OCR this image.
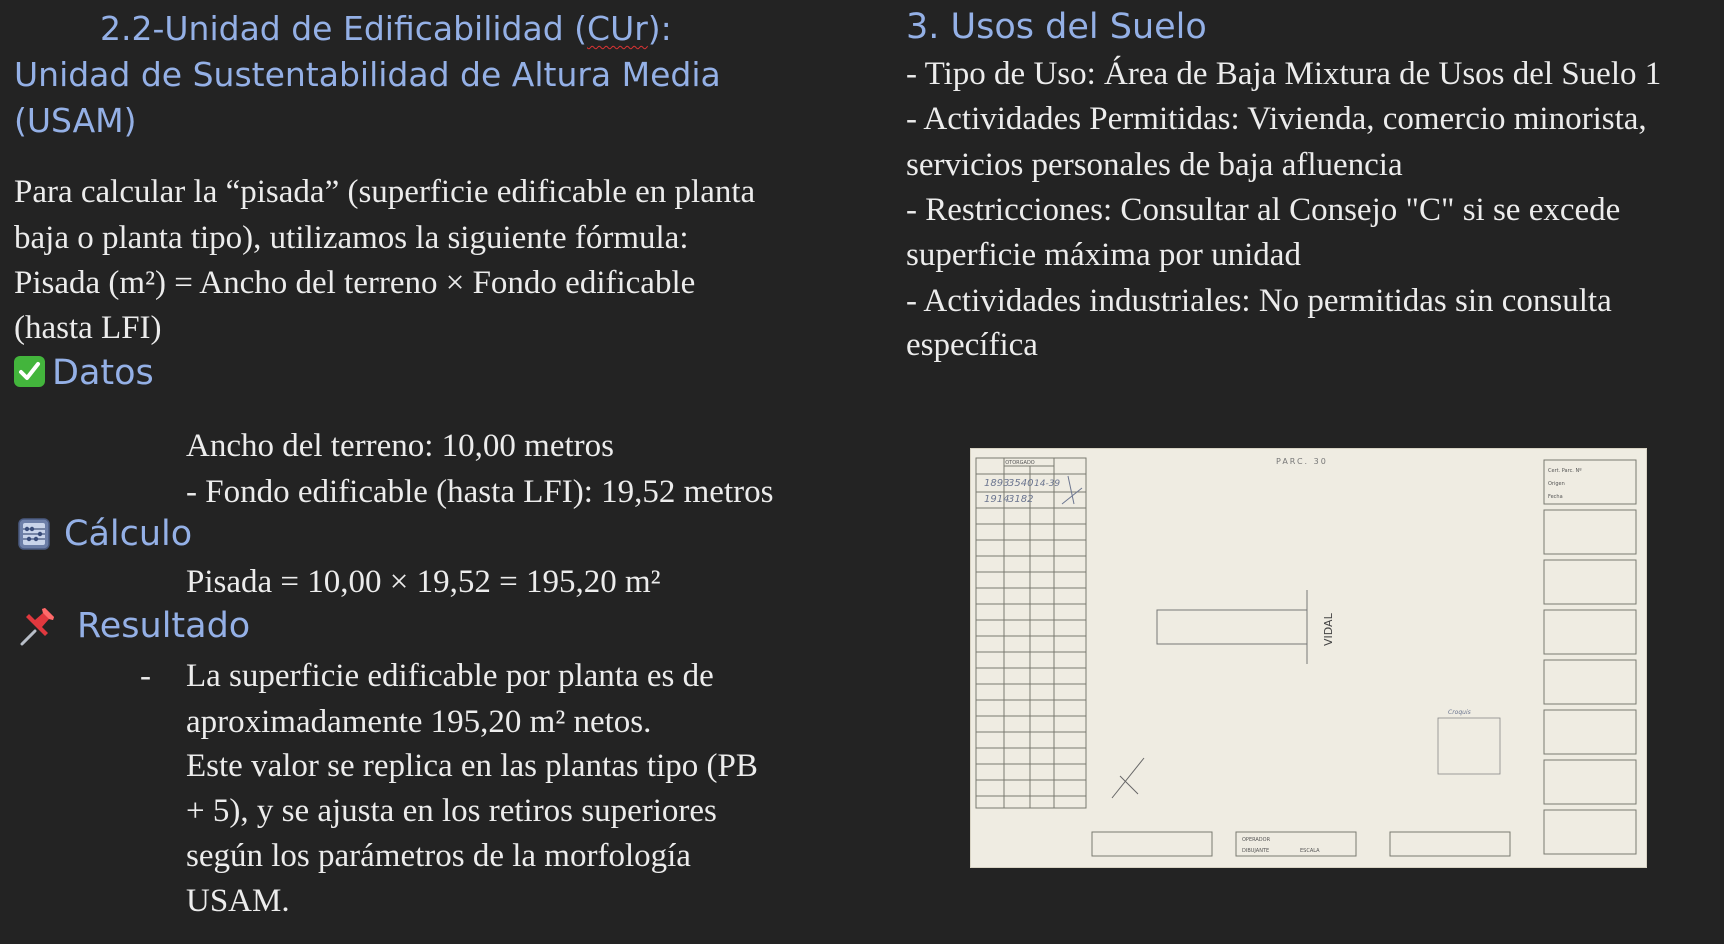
2.2-Unidad de Edificabilidad (CUr):
Unidad de Sustentabilidad de Altura Media
(USAM)
Para calcular la “pisada” (superficie edificable en planta
baja o planta tipo), utilizamos la siguiente fórmula:
Pisada (m²) = Ancho del terreno × Fondo edificable
(hasta LFI)
Datos
Ancho del terreno: 10,00 metros
- Fondo edificable (hasta LFI): 19,52 metros
Cálculo
Pisada = 10,00 × 19,52 = 195,20 m²
Resultado
- La superficie edificable por planta es de
aproximadamente 195,20 m² netos.
Este valor se replica en las plantas tipo (PB
+ 5), y se ajusta en los retiros superiores
según los parámetros de la morfología
USAM.
3. Usos del Suelo
- Tipo de Uso: Área de Baja Mixtura de Usos del Suelo 1
- Actividades Permitidas: Vivienda, comercio minorista,
servicios personales de baja afluencia
- Restricciones: Consultar al Consejo "C" si se excede
superficie máxima por unidad
- Actividades industriales: No permitidas sin consulta
específica
OTORGADO
1893
3540 14-39
1914
3182
PARC. 30
VIDAL
Croquis
Cert. Parc. Nº
Origen
Fecha
OPERADOR
DIBUJANTE	ESCALA
